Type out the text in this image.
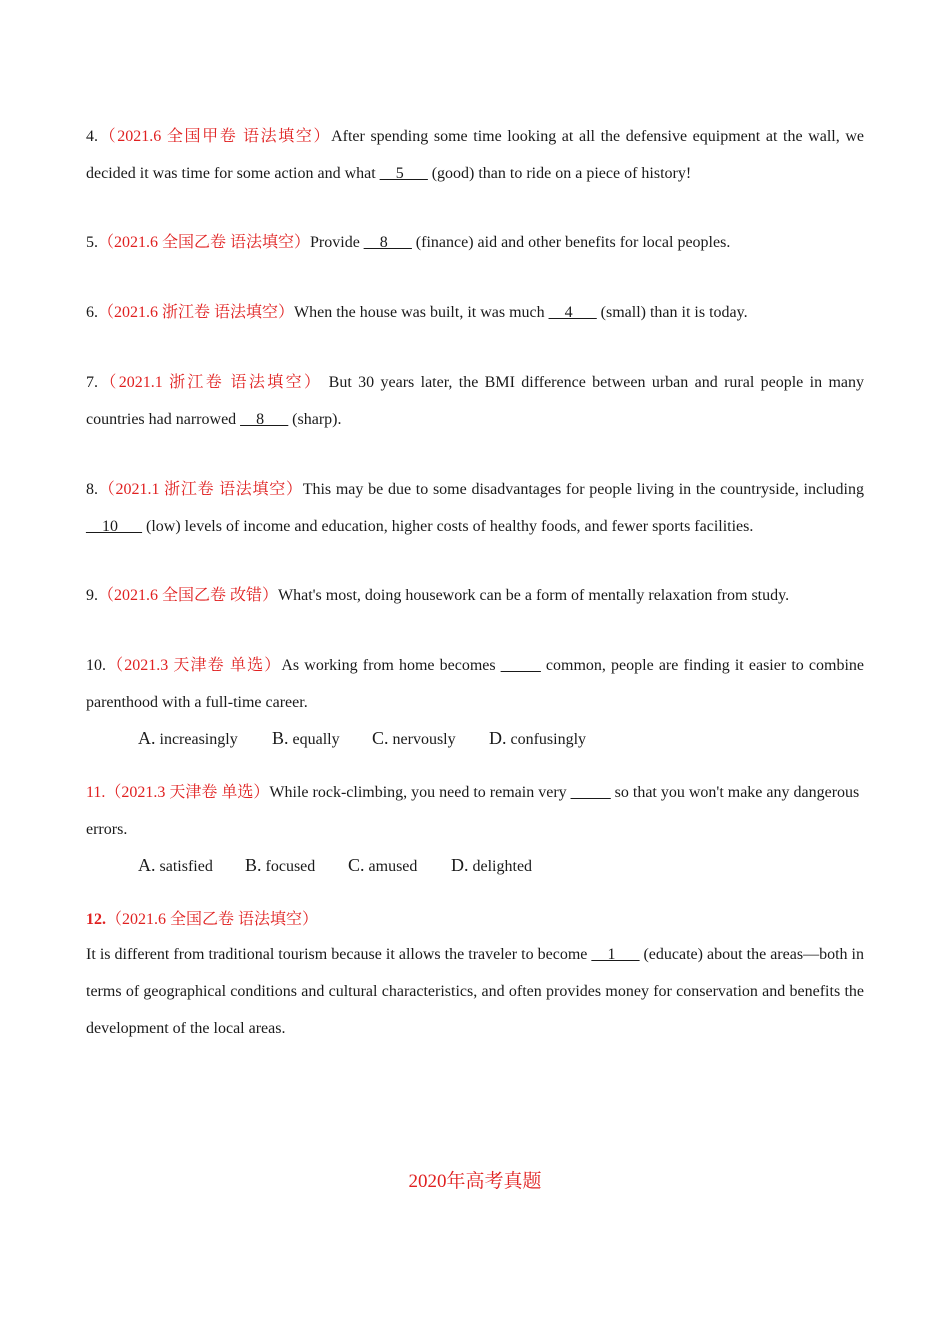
4.（2021.6 全国甲卷 语法填空）After spending some time looking at all the defensive equipment at the wall, we decided it was time for some action and what __5___ (good) than to ride on a piece of history!
5.（2021.6 全国乙卷 语法填空）Provide __8___ (finance) aid and other benefits for local peoples.
6.（2021.6 浙江卷 语法填空）When the house was built, it was much __4___ (small) than it is today.
7.（2021.1 浙江卷 语法填空） But 30 years later, the BMI difference between urban and rural people in many countries had narrowed __8___ (sharp).
8.（2021.1 浙江卷 语法填空）This may be due to some disadvantages for people living in the countryside, including __10___ (low) levels of income and education, higher costs of healthy foods, and fewer sports facilities.
9.（2021.6 全国乙卷 改错）What's most, doing housework can be a form of mentally relaxation from study.
10.（2021.3 天津卷 单选）As working from home becomes _____ common, people are finding it easier to combine parenthood with a full-time career.
A. increasingly B. equally C. nervously D. confusingly
11.（2021.3 天津卷 单选）While rock-climbing, you need to remain very _____ so that you won't make any dangerous errors.
A. satisfied B. focused C. amused D. delighted
12.（2021.6 全国乙卷 语法填空）
It is different from traditional tourism because it allows the traveler to become __1___ (educate) about the areas—both in terms of geographical conditions and cultural characteristics, and often provides money for conservation and benefits the development of the local areas.
2020年高考真题
